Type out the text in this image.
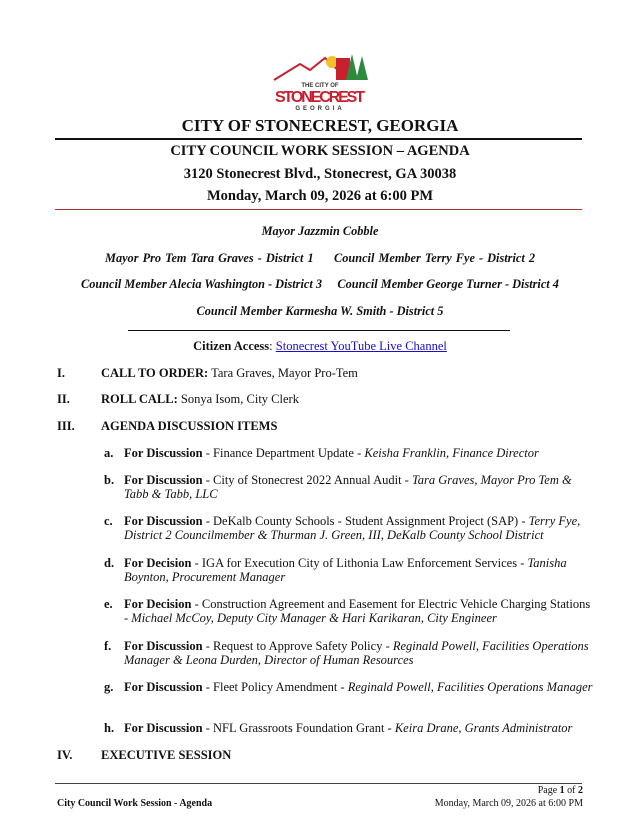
THE CITY OF
STONECREST
GEORGIA
CITY OF STONECREST, GEORGIA
CITY COUNCIL WORK SESSION – AGENDA
3120 Stonecrest Blvd., Stonecrest, GA 30038
Monday, March 09, 2026 at 6:00 PM
Mayor Jazzmin Cobble
Mayor Pro Tem Tara Graves - District 1 Council Member Terry Fye - District 2
Council Member Alecia Washington - District 3 Council Member George Turner - District 4
Council Member Karmesha W. Smith - District 5
Citizen Access: Stonecrest YouTube Live Channel
I.	CALL TO ORDER: Tara Graves, Mayor Pro-Tem
II. ROLL CALL: Sonya Isom, City Clerk
III. AGENDA DISCUSSION ITEMS
a. For Discussion - Finance Department Update - Keisha Franklin, Finance Director
b. For Discussion - City of Stonecrest 2022 Annual Audit - Tara Graves, Mayor Pro Tem & Tabb & Tabb, LLC
c. For Discussion - DeKalb County Schools - Student Assignment Project (SAP) - Terry Fye, District 2 Councilmember & Thurman J. Green, III, DeKalb County School District
d. For Decision - IGA for Execution City of Lithonia Law Enforcement Services - Tanisha Boynton, Procurement Manager
e. For Decision - Construction Agreement and Easement for Electric Vehicle Charging Stations - Michael McCoy, Deputy City Manager & Hari Karikaran, City Engineer
f. For Discussion - Request to Approve Safety Policy - Reginald Powell, Facilities Operations Manager & Leona Durden, Director of Human Resources
g. For Discussion - Fleet Policy Amendment - Reginald Powell, Facilities Operations Manager
h. For Discussion - NFL Grassroots Foundation Grant - Keira Drane, Grants Administrator
IV. EXECUTIVE SESSION
Page 1 of 2
City Council Work Session - Agenda	Monday, March 09, 2026 at 6:00 PM
